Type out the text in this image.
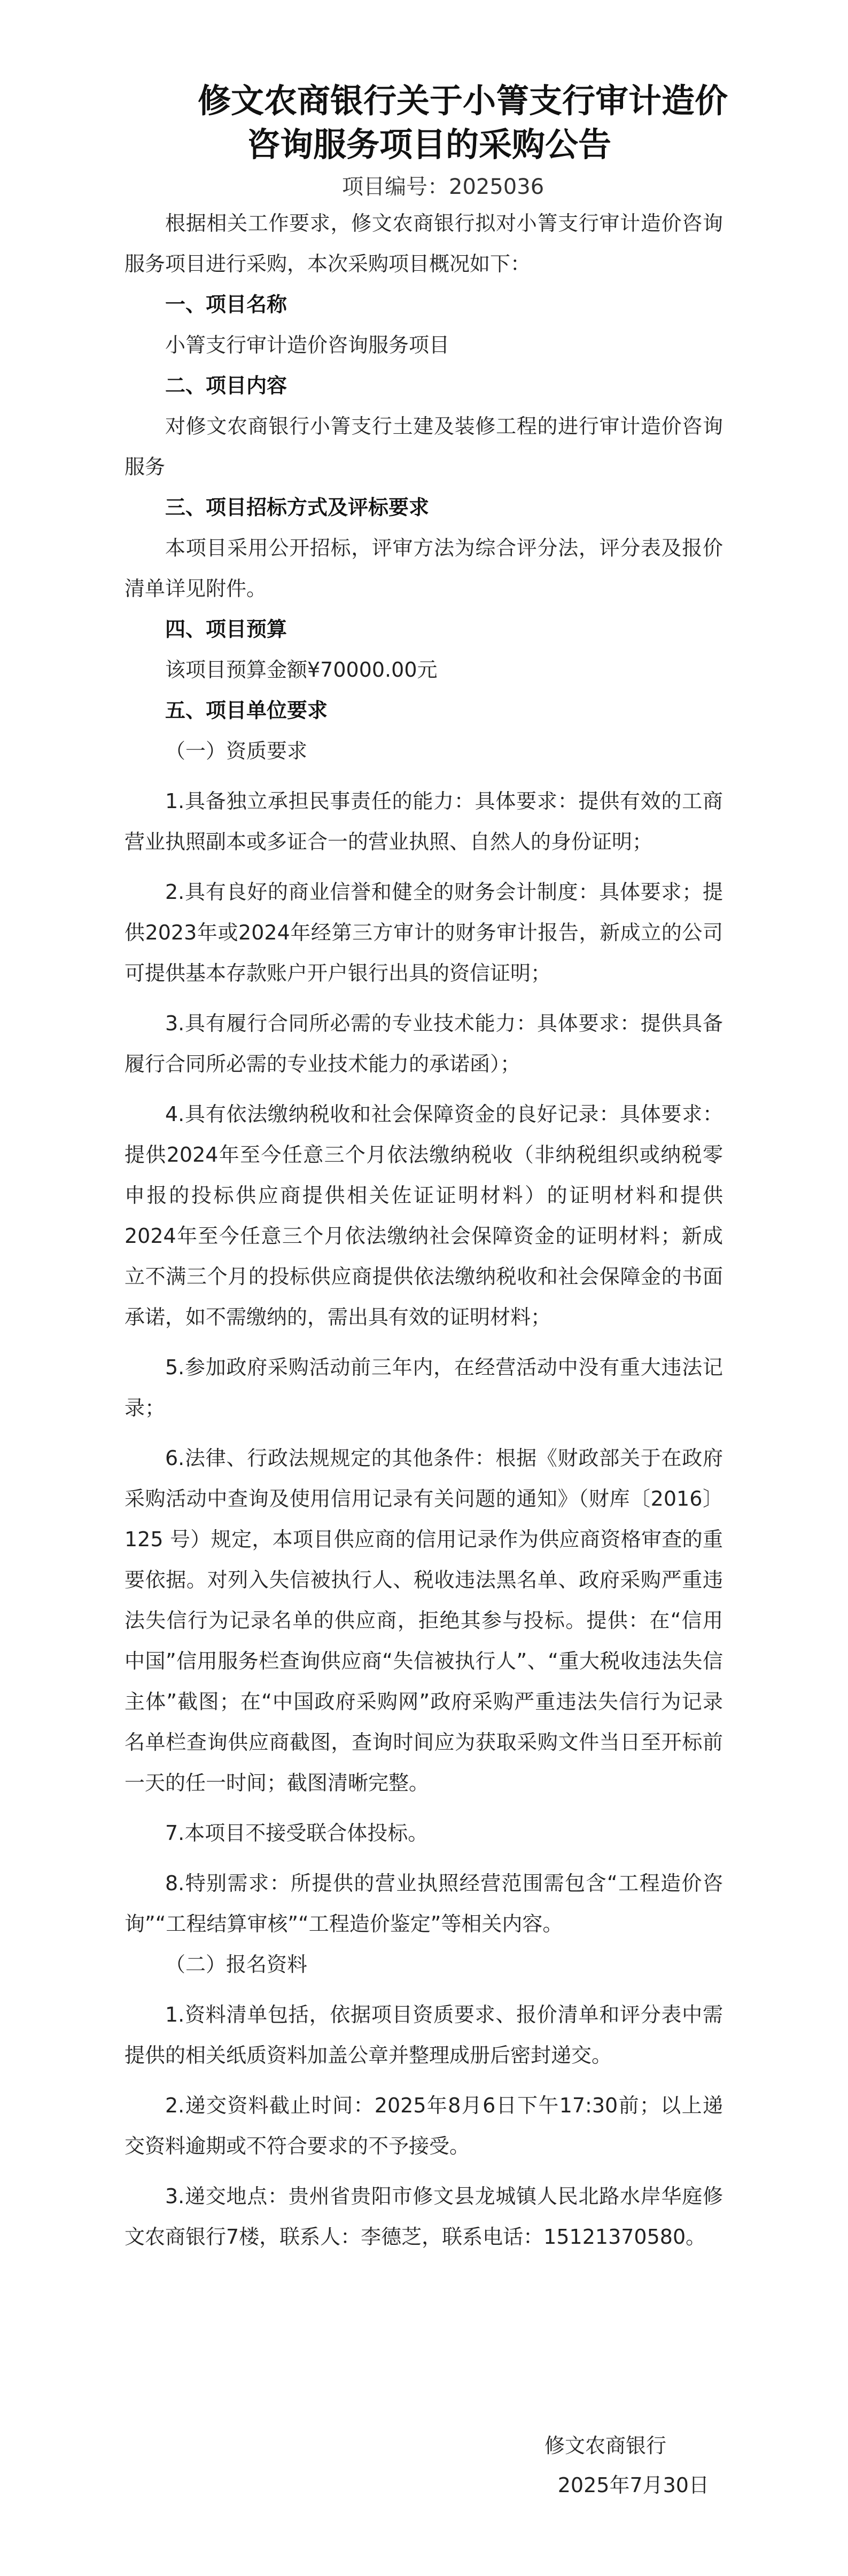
修文农商银行关于小箐支行审计造价
咨询服务项目的采购公告
项目编号：2025036

根据相关工作要求，修文农商银行拟对小箐支行审计造价咨询服务项目进行采购，本次采购项目概况如下：

一、项目名称

小箐支行审计造价咨询服务项目

二、项目内容

对修文农商银行小箐支行土建及装修工程的进行审计造价咨询服务

三、项目招标方式及评标要求

本项目采用公开招标，评审方法为综合评分法，评分表及报价清单详见附件。

四、项目预算

该项目预算金额¥70000.00元

五、项目单位要求

（一）资质要求

1.具备独立承担民事责任的能力：具体要求：提供有效的工商营业执照副本或多证合一的营业执照、自然人的身份证明；

2.具有良好的商业信誉和健全的财务会计制度：具体要求；提供2023年或2024年经第三方审计的财务审计报告，新成立的公司可提供基本存款账户开户银行出具的资信证明；

3.具有履行合同所必需的专业技术能力：具体要求：提供具备履行合同所必需的专业技术能力的承诺函）；

4.具有依法缴纳税收和社会保障资金的良好记录：具体要求：提供2024年至今任意三个月依法缴纳税收（非纳税组织或纳税零申报的投标供应商提供相关佐证证明材料）的证明材料和提供2024年至今任意三个月依法缴纳社会保障资金的证明材料；新成立不满三个月的投标供应商提供依法缴纳税收和社会保障金的书面承诺，如不需缴纳的，需出具有效的证明材料；

5.参加政府采购活动前三年内，在经营活动中没有重大违法记录；

6.法律、行政法规规定的其他条件：根据《财政部关于在政府采购活动中查询及使用信用记录有关问题的通知》（财库〔2016〕125 号）规定，本项目供应商的信用记录作为供应商资格审查的重要依据。对列入失信被执行人、税收违法黑名单、政府采购严重违法失信行为记录名单的供应商，拒绝其参与投标。提供：在“信用中国”信用服务栏查询供应商“失信被执行人”、“重大税收违法失信主体”截图；在“中国政府采购网”政府采购严重违法失信行为记录名单栏查询供应商截图，查询时间应为获取采购文件当日至开标前一天的任一时间；截图清晰完整。

7.本项目不接受联合体投标。

8.特别需求：所提供的营业执照经营范围需包含“工程造价咨询”“工程结算审核”“工程造价鉴定”等相关内容。

（二）报名资料

1.资料清单包括，依据项目资质要求、报价清单和评分表中需提供的相关纸质资料加盖公章并整理成册后密封递交。

2.递交资料截止时间：2025年8月6日下午17:30前；以上递交资料逾期或不符合要求的不予接受。

3.递交地点：贵州省贵阳市修文县龙城镇人民北路水岸华庭修文农商银行7楼，联系人：李德芝，联系电话：15121370580。

修文农商银行
2025年7月30日
